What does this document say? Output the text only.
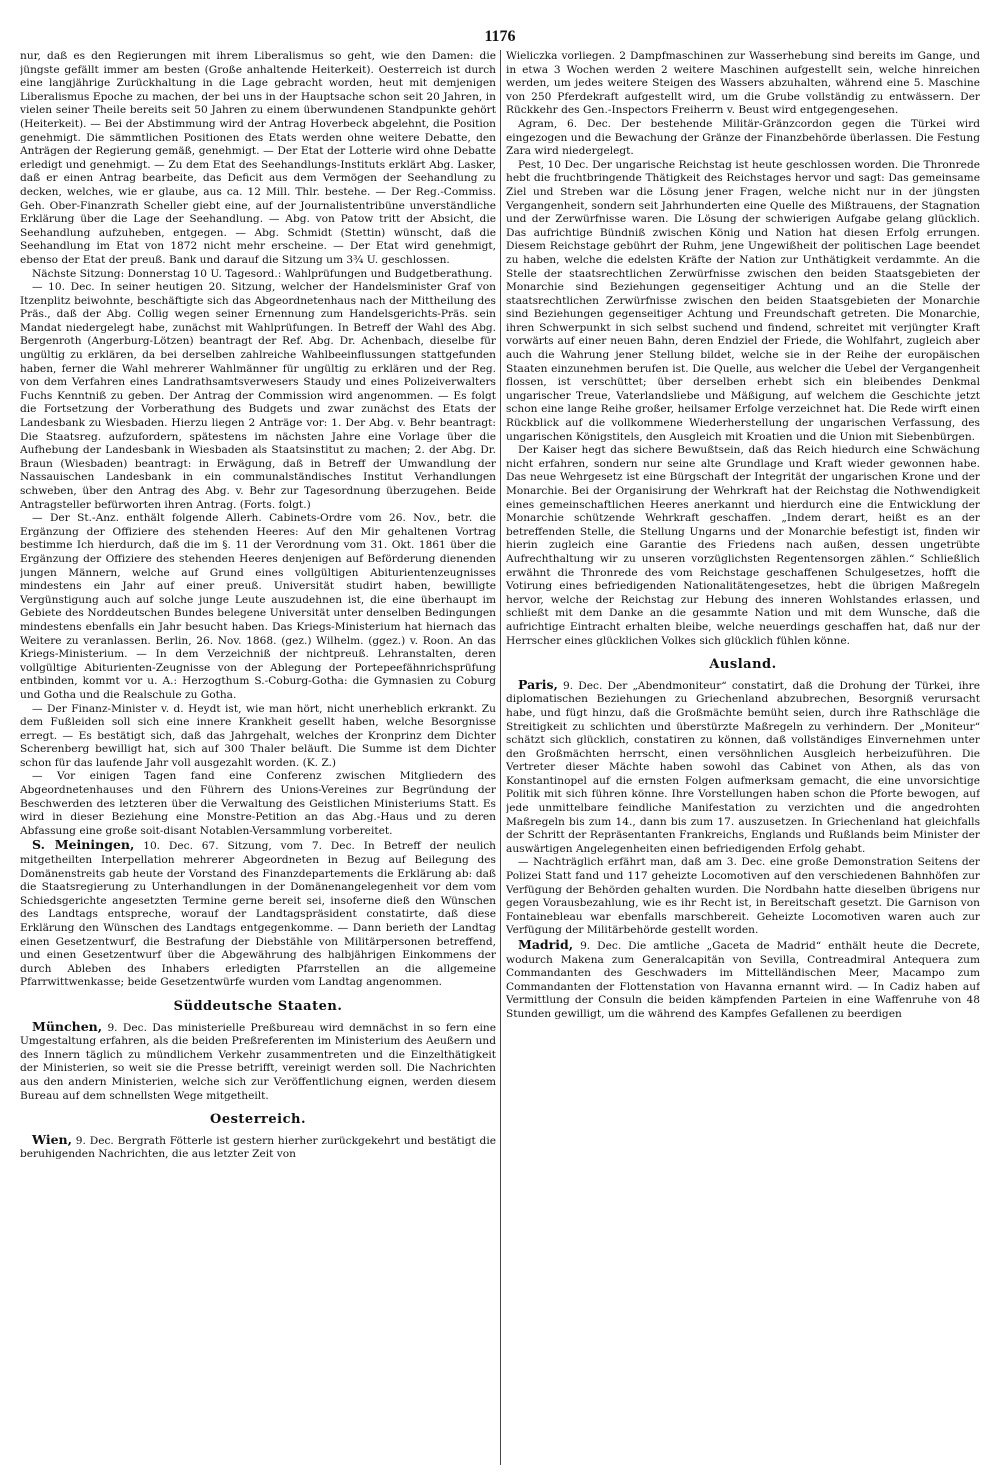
1176

nur, daß es den Regierungen mit ihrem Liberalismus so geht, wie den Damen: die jüngste gefällt immer am besten (Große anhaltende Heiterkeit). Oesterreich ist durch eine langjährige Zurückhaltung in die Lage gebracht worden, heut mit demjenigen Liberalismus Epoche zu machen, der bei uns in der Hauptsache schon seit 20 Jahren, in vielen seiner Theile bereits seit 50 Jahren zu einem überwundenen Standpunkte gehört (Heiterkeit). — Bei der Abstimmung wird der Antrag Hoverbeck abgelehnt, die Position genehmigt. Die sämmtlichen Positionen des Etats werden ohne weitere Debatte, den Anträgen der Regierung gemäß, genehmigt. — Der Etat der Lotterie wird ohne Debatte erledigt und genehmigt. — Zu dem Etat des Seehandlungs-Instituts erklärt Abg. Lasker, daß er einen Antrag bearbeite, das Deficit aus dem Vermögen der Seehandlung zu decken, welches, wie er glaube, aus ca. 12 Mill. Thlr. bestehe. — Der Reg.-Commiss. Geh. Ober-Finanzrath Scheller giebt eine, auf der Journalistentribüne unverständliche Erklärung über die Lage der Seehandlung. — Abg. von Patow tritt der Absicht, die Seehandlung aufzuheben, entgegen. — Abg. Schmidt (Stettin) wünscht, daß die Seehandlung im Etat von 1872 nicht mehr erscheine. — Der Etat wird genehmigt, ebenso der Etat der preuß. Bank und darauf die Sitzung um 3¾ U. geschlossen.

Nächste Sitzung: Donnerstag 10 U. Tagesord.: Wahlprüfungen und Budgetberathung.

— 10. Dec. In seiner heutigen 20. Sitzung, welcher der Handelsminister Graf von Itzenplitz beiwohnte, beschäftigte sich das Abgeordnetenhaus nach der Mittheilung des Präs., daß der Abg. Collig wegen seiner Ernennung zum Handelsgerichts-Präs. sein Mandat niedergelegt habe, zunächst mit Wahlprüfungen. In Betreff der Wahl des Abg. Bergenroth (Angerburg-Lötzen) beantragt der Ref. Abg. Dr. Achenbach, dieselbe für ungültig zu erklären, da bei derselben zahlreiche Wahlbeeinflussungen stattgefunden haben, ferner die Wahl mehrerer Wahlmänner für ungültig zu erklären und der Reg. von dem Verfahren eines Landrathsamtsverwesers Staudy und eines Polizeiverwalters Fuchs Kenntniß zu geben. Der Antrag der Commission wird angenommen. — Es folgt die Fortsetzung der Vorberathung des Budgets und zwar zunächst des Etats der Landesbank zu Wiesbaden. Hierzu liegen 2 Anträge vor: 1. Der Abg. v. Behr beantragt: Die Staatsreg. aufzufordern, spätestens im nächsten Jahre eine Vorlage über die Aufhebung der Landesbank in Wiesbaden als Staatsinstitut zu machen; 2. der Abg. Dr. Braun (Wiesbaden) beantragt: in Erwägung, daß in Betreff der Umwandlung der Nassauischen Landesbank in ein communalständisches Institut Verhandlungen schweben, über den Antrag des Abg. v. Behr zur Tagesordnung überzugehen. Beide Antragsteller befürworten ihren Antrag. (Forts. folgt.)

— Der St.-Anz. enthält folgende Allerh. Cabinets-Ordre vom 26. Nov., betr. die Ergänzung der Offiziere des stehenden Heeres: Auf den Mir gehaltenen Vortrag bestimme Ich hierdurch, daß die im §. 11 der Verordnung vom 31. Okt. 1861 über die Ergänzung der Offiziere des stehenden Heeres denjenigen auf Beförderung dienenden jungen Männern, welche auf Grund eines vollgültigen Abiturientenzeugnisses mindestens ein Jahr auf einer preuß. Universität studirt haben, bewilligte Vergünstigung auch auf solche junge Leute auszudehnen ist, die eine überhaupt im Gebiete des Norddeutschen Bundes belegene Universität unter denselben Bedingungen mindestens ebenfalls ein Jahr besucht haben. Das Kriegs-Ministerium hat hiernach das Weitere zu veranlassen. Berlin, 26. Nov. 1868. (gez.) Wilhelm. (ggez.) v. Roon. An das Kriegs-Ministerium. — In dem Verzeichniß der nichtpreuß. Lehranstalten, deren vollgültige Abiturienten-Zeugnisse von der Ablegung der Portepeefähnrichsprüfung entbinden, kommt vor u. A.: Herzogthum S.-Coburg-Gotha: die Gymnasien zu Coburg und Gotha und die Realschule zu Gotha.

— Der Finanz-Minister v. d. Heydt ist, wie man hört, nicht unerheblich erkrankt. Zu dem Fußleiden soll sich eine innere Krankheit gesellt haben, welche Besorgnisse erregt. — Es bestätigt sich, daß das Jahrgehalt, welches der Kronprinz dem Dichter Scherenberg bewilligt hat, sich auf 300 Thaler beläuft. Die Summe ist dem Dichter schon für das laufende Jahr voll ausgezahlt worden. (K. Z.)

— Vor einigen Tagen fand eine Conferenz zwischen Mitgliedern des Abgeordnetenhauses und den Führern des Unions-Vereines zur Begründung der Beschwerden des letzteren über die Verwaltung des Geistlichen Ministeriums Statt. Es wird in dieser Beziehung eine Monstre-Petition an das Abg.-Haus und zu deren Abfassung eine große soit-disant Notablen-Versammlung vorbereitet.

S. Meiningen, 10. Dec. 67. Sitzung, vom 7. Dec. In Betreff der neulich mitgetheilten Interpellation mehrerer Abgeordneten in Bezug auf Beilegung des Domänenstreits gab heute der Vorstand des Finanzdepartements die Erklärung ab: daß die Staatsregierung zu Unterhandlungen in der Domänenangelegenheit vor dem vom Schiedsgerichte angesetzten Termine gerne bereit sei, insoferne dieß den Wünschen des Landtags entspreche, worauf der Landtagspräsident constatirte, daß diese Erklärung den Wünschen des Landtags entgegenkomme. — Dann berieth der Landtag einen Gesetzentwurf, die Bestrafung der Diebstähle von Militärpersonen betreffend, und einen Gesetzentwurf über die Abgewährung des halbjährigen Einkommens der durch Ableben des Inhabers erledigten Pfarrstellen an die allgemeine Pfarrwittwenkasse; beide Gesetzentwürfe wurden vom Landtag angenommen.

Süddeutsche Staaten.

München, 9. Dec. Das ministerielle Preßbureau wird demnächst in so fern eine Umgestaltung erfahren, als die beiden Preßreferenten im Ministerium des Aeußern und des Innern täglich zu mündlichem Verkehr zusammentreten und die Einzelthätigkeit der Ministerien, so weit sie die Presse betrifft, vereinigt werden soll. Die Nachrichten aus den andern Ministerien, welche sich zur Veröffentlichung eignen, werden diesem Bureau auf dem schnellsten Wege mitgetheilt.

Oesterreich.

Wien, 9. Dec. Bergrath Fötterle ist gestern hierher zurückgekehrt und bestätigt die beruhigenden Nachrichten, die aus letzter Zeit von

Wieliczka vorliegen. 2 Dampfmaschinen zur Wasserhebung sind bereits im Gange, und in etwa 3 Wochen werden 2 weitere Maschinen aufgestellt sein, welche hinreichen werden, um jedes weitere Steigen des Wassers abzuhalten, während eine 5. Maschine von 250 Pferdekraft aufgestellt wird, um die Grube vollständig zu entwässern. Der Rückkehr des Gen.-Inspectors Freiherrn v. Beust wird entgegengesehen.

Agram, 6. Dec. Der bestehende Militär-Gränzcordon gegen die Türkei wird eingezogen und die Bewachung der Gränze der Finanzbehörde überlassen. Die Festung Zara wird niedergelegt.

Pest, 10 Dec. Der ungarische Reichstag ist heute geschlossen worden. Die Thronrede hebt die fruchtbringende Thätigkeit des Reichstages hervor und sagt: Das gemeinsame Ziel und Streben war die Lösung jener Fragen, welche nicht nur in der jüngsten Vergangenheit, sondern seit Jahrhunderten eine Quelle des Mißtrauens, der Stagnation und der Zerwürfnisse waren. Die Lösung der schwierigen Aufgabe gelang glücklich. Das aufrichtige Bündniß zwischen König und Nation hat diesen Erfolg errungen. Diesem Reichstage gebührt der Ruhm, jene Ungewißheit der politischen Lage beendet zu haben, welche die edelsten Kräfte der Nation zur Unthätigkeit verdammte. An die Stelle der staatsrechtlichen Zerwürfnisse zwischen den beiden Staatsgebieten der Monarchie sind Beziehungen gegenseitiger Achtung und an die Stelle der staatsrechtlichen Zerwürfnisse zwischen den beiden Staatsgebieten der Monarchie sind Beziehungen gegenseitiger Achtung und Freundschaft getreten. Die Monarchie, ihren Schwerpunkt in sich selbst suchend und findend, schreitet mit verjüngter Kraft vorwärts auf einer neuen Bahn, deren Endziel der Friede, die Wohlfahrt, zugleich aber auch die Wahrung jener Stellung bildet, welche sie in der Reihe der europäischen Staaten einzunehmen berufen ist. Die Quelle, aus welcher die Uebel der Vergangenheit flossen, ist verschüttet; über derselben erhebt sich ein bleibendes Denkmal ungarischer Treue, Vaterlandsliebe und Mäßigung, auf welchem die Geschichte jetzt schon eine lange Reihe großer, heilsamer Erfolge verzeichnet hat. Die Rede wirft einen Rückblick auf die vollkommene Wiederherstellung der ungarischen Verfassung, des ungarischen Königstitels, den Ausgleich mit Kroatien und die Union mit Siebenbürgen.

Der Kaiser hegt das sichere Bewußtsein, daß das Reich hiedurch eine Schwächung nicht erfahren, sondern nur seine alte Grundlage und Kraft wieder gewonnen habe. Das neue Wehrgesetz ist eine Bürgschaft der Integrität der ungarischen Krone und der Monarchie. Bei der Organisirung der Wehrkraft hat der Reichstag die Nothwendigkeit eines gemeinschaftlichen Heeres anerkannt und hierdurch eine die Entwicklung der Monarchie schützende Wehrkraft geschaffen. „Indem derart, heißt es an der betreffenden Stelle, die Stellung Ungarns und der Monarchie befestigt ist, finden wir hierin zugleich eine Garantie des Friedens nach außen, dessen ungetrübte Aufrechthaltung wir zu unseren vorzüglichsten Regentensorgen zählen.“ Schließlich erwähnt die Thronrede des vom Reichstage geschaffenen Schulgesetzes, hofft die Votirung eines befriedigenden Nationalitätengesetzes, hebt die übrigen Maßregeln hervor, welche der Reichstag zur Hebung des inneren Wohlstandes erlassen, und schließt mit dem Danke an die gesammte Nation und mit dem Wunsche, daß die aufrichtige Eintracht erhalten bleibe, welche neuerdings geschaffen hat, daß nur der Herrscher eines glücklichen Volkes sich glücklich fühlen könne.

Ausland.

Paris, 9. Dec. Der „Abendmoniteur“ constatirt, daß die Drohung der Türkei, ihre diplomatischen Beziehungen zu Griechenland abzubrechen, Besorgniß verursacht habe, und fügt hinzu, daß die Großmächte bemüht seien, durch ihre Rathschläge die Streitigkeit zu schlichten und überstürzte Maßregeln zu verhindern. Der „Moniteur“ schätzt sich glücklich, constatiren zu können, daß vollständiges Einvernehmen unter den Großmächten herrscht, einen versöhnlichen Ausgleich herbeizuführen. Die Vertreter dieser Mächte haben sowohl das Cabinet von Athen, als das von Konstantinopel auf die ernsten Folgen aufmerksam gemacht, die eine unvorsichtige Politik mit sich führen könne. Ihre Vorstellungen haben schon die Pforte bewogen, auf jede unmittelbare feindliche Manifestation zu verzichten und die angedrohten Maßregeln bis zum 14., dann bis zum 17. auszusetzen. In Griechenland hat gleichfalls der Schritt der Repräsentanten Frankreichs, Englands und Rußlands beim Minister der auswärtigen Angelegenheiten einen befriedigenden Erfolg gehabt.

— Nachträglich erfährt man, daß am 3. Dec. eine große Demonstration Seitens der Polizei Statt fand und 117 geheizte Locomotiven auf den verschiedenen Bahnhöfen zur Verfügung der Behörden gehalten wurden. Die Nordbahn hatte dieselben übrigens nur gegen Vorausbezahlung, wie es ihr Recht ist, in Bereitschaft gesetzt. Die Garnison von Fontainebleau war ebenfalls marschbereit. Geheizte Locomotiven waren auch zur Verfügung der Militärbehörde gestellt worden.

Madrid, 9. Dec. Die amtliche „Gaceta de Madrid“ enthält heute die Decrete, wodurch Makena zum Generalcapitän von Sevilla, Contreadmiral Antequera zum Commandanten des Geschwaders im Mittelländischen Meer, Macampo zum Commandanten der Flottenstation von Havanna ernannt wird. — In Cadiz haben auf Vermittlung der Consuln die beiden kämpfenden Parteien in eine Waffenruhe von 48 Stunden gewilligt, um die während des Kampfes Gefallenen zu beerdigen
